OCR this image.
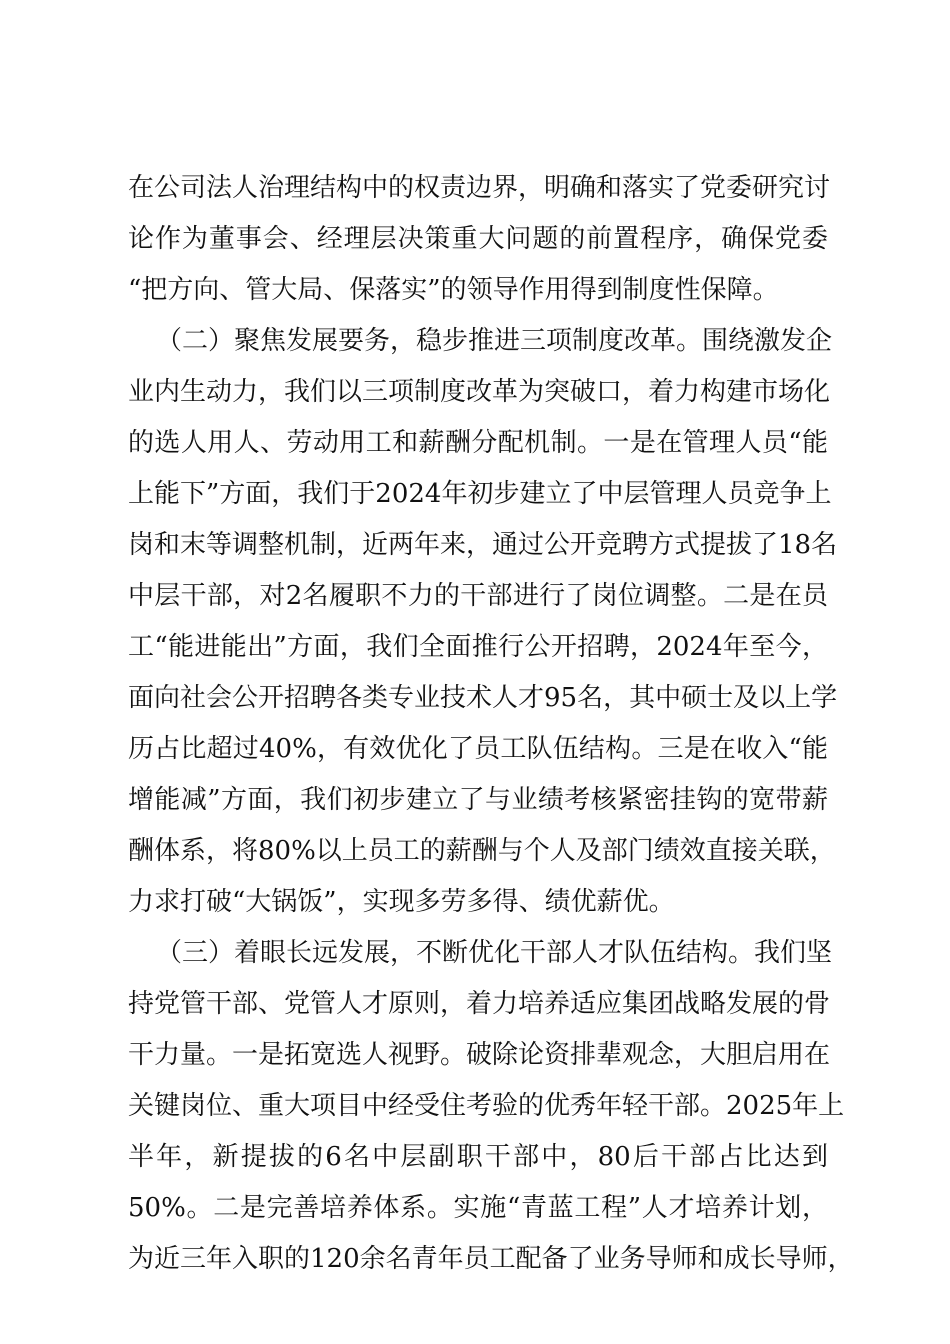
在公司法人治理结构中的权责边界，明确和落实了党委研究讨
论作为董事会、经理层决策重大问题的前置程序，确保党委
“把方向、管大局、保落实”的领导作用得到制度性保障。
（二）聚焦发展要务，稳步推进三项制度改革。围绕激发企
业内生动力，我们以三项制度改革为突破口，着力构建市场化
的选人用人、劳动用工和薪酬分配机制。一是在管理人员“能
上能下”方面，我们于2024年初步建立了中层管理人员竞争上
岗和末等调整机制，近两年来，通过公开竞聘方式提拔了18名
中层干部，对2名履职不力的干部进行了岗位调整。二是在员
工“能进能出”方面，我们全面推行公开招聘，2024年至今，
面向社会公开招聘各类专业技术人才95名，其中硕士及以上学
历占比超过40%，有效优化了员工队伍结构。三是在收入“能
增能减”方面，我们初步建立了与业绩考核紧密挂钩的宽带薪
酬体系，将80%以上员工的薪酬与个人及部门绩效直接关联，
力求打破“大锅饭”，实现多劳多得、绩优薪优。
（三）着眼长远发展，不断优化干部人才队伍结构。我们坚
持党管干部、党管人才原则，着力培养适应集团战略发展的骨
干力量。一是拓宽选人视野。破除论资排辈观念，大胆启用在
关键岗位、重大项目中经受住考验的优秀年轻干部。2025年上
半年，新提拔的6名中层副职干部中，80后干部占比达到
50%。二是完善培养体系。实施“青蓝工程”人才培养计划，
为近三年入职的120余名青年员工配备了业务导师和成长导师，
